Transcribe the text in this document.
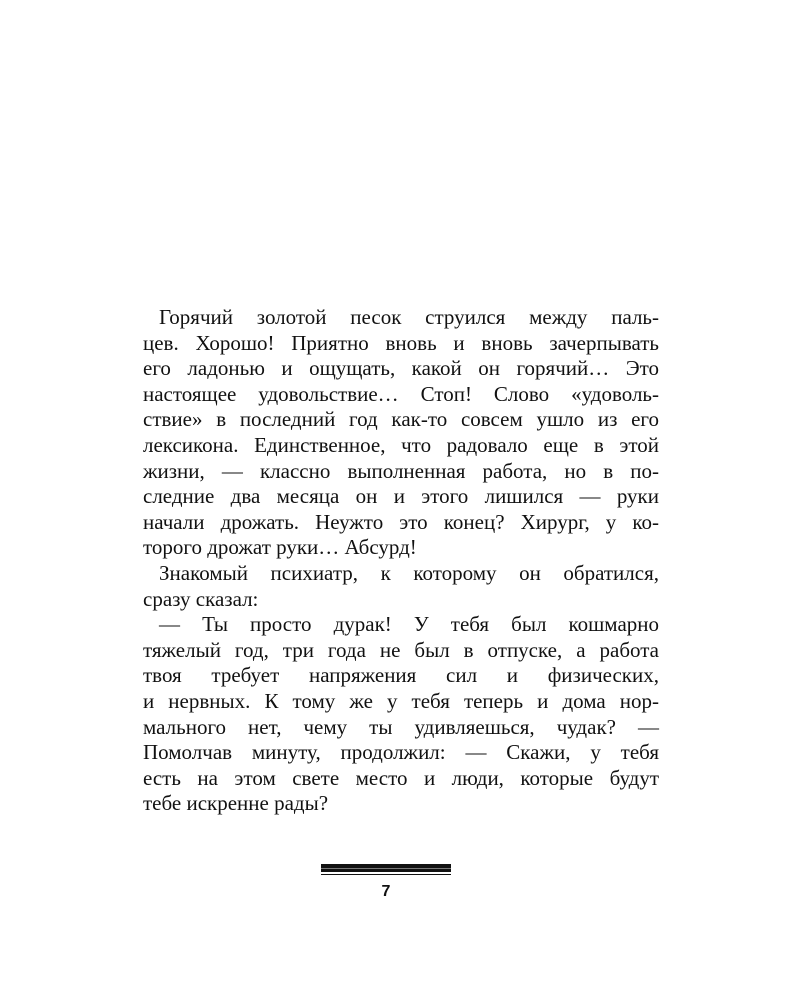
Горячий золотой песок струился между паль-
цев. Хорошо! Приятно вновь и вновь зачерпывать
его ладонью и ощущать, какой он горячий… Это
настоящее удовольствие… Стоп! Слово «удоволь-
ствие» в последний год как-то совсем ушло из его
лексикона. Единственное, что радовало еще в этой
жизни, — классно выполненная работа, но в по-
следние два месяца он и этого лишился — руки
начали дрожать. Неужто это конец? Хирург, у ко-
торого дрожат руки… Абсурд!
Знакомый психиатр, к которому он обратился,
сразу сказал:
— Ты просто дурак! У тебя был кошмарно
тяжелый год, три года не был в отпуске, а работа
твоя требует напряжения сил и физических,
и нервных. К тому же у тебя теперь и дома нор-
мального нет, чему ты удивляешься, чудак? —
Помолчав минуту, продолжил: — Скажи, у тебя
есть на этом свете место и люди, которые будут
тебе искренне рады?
7
